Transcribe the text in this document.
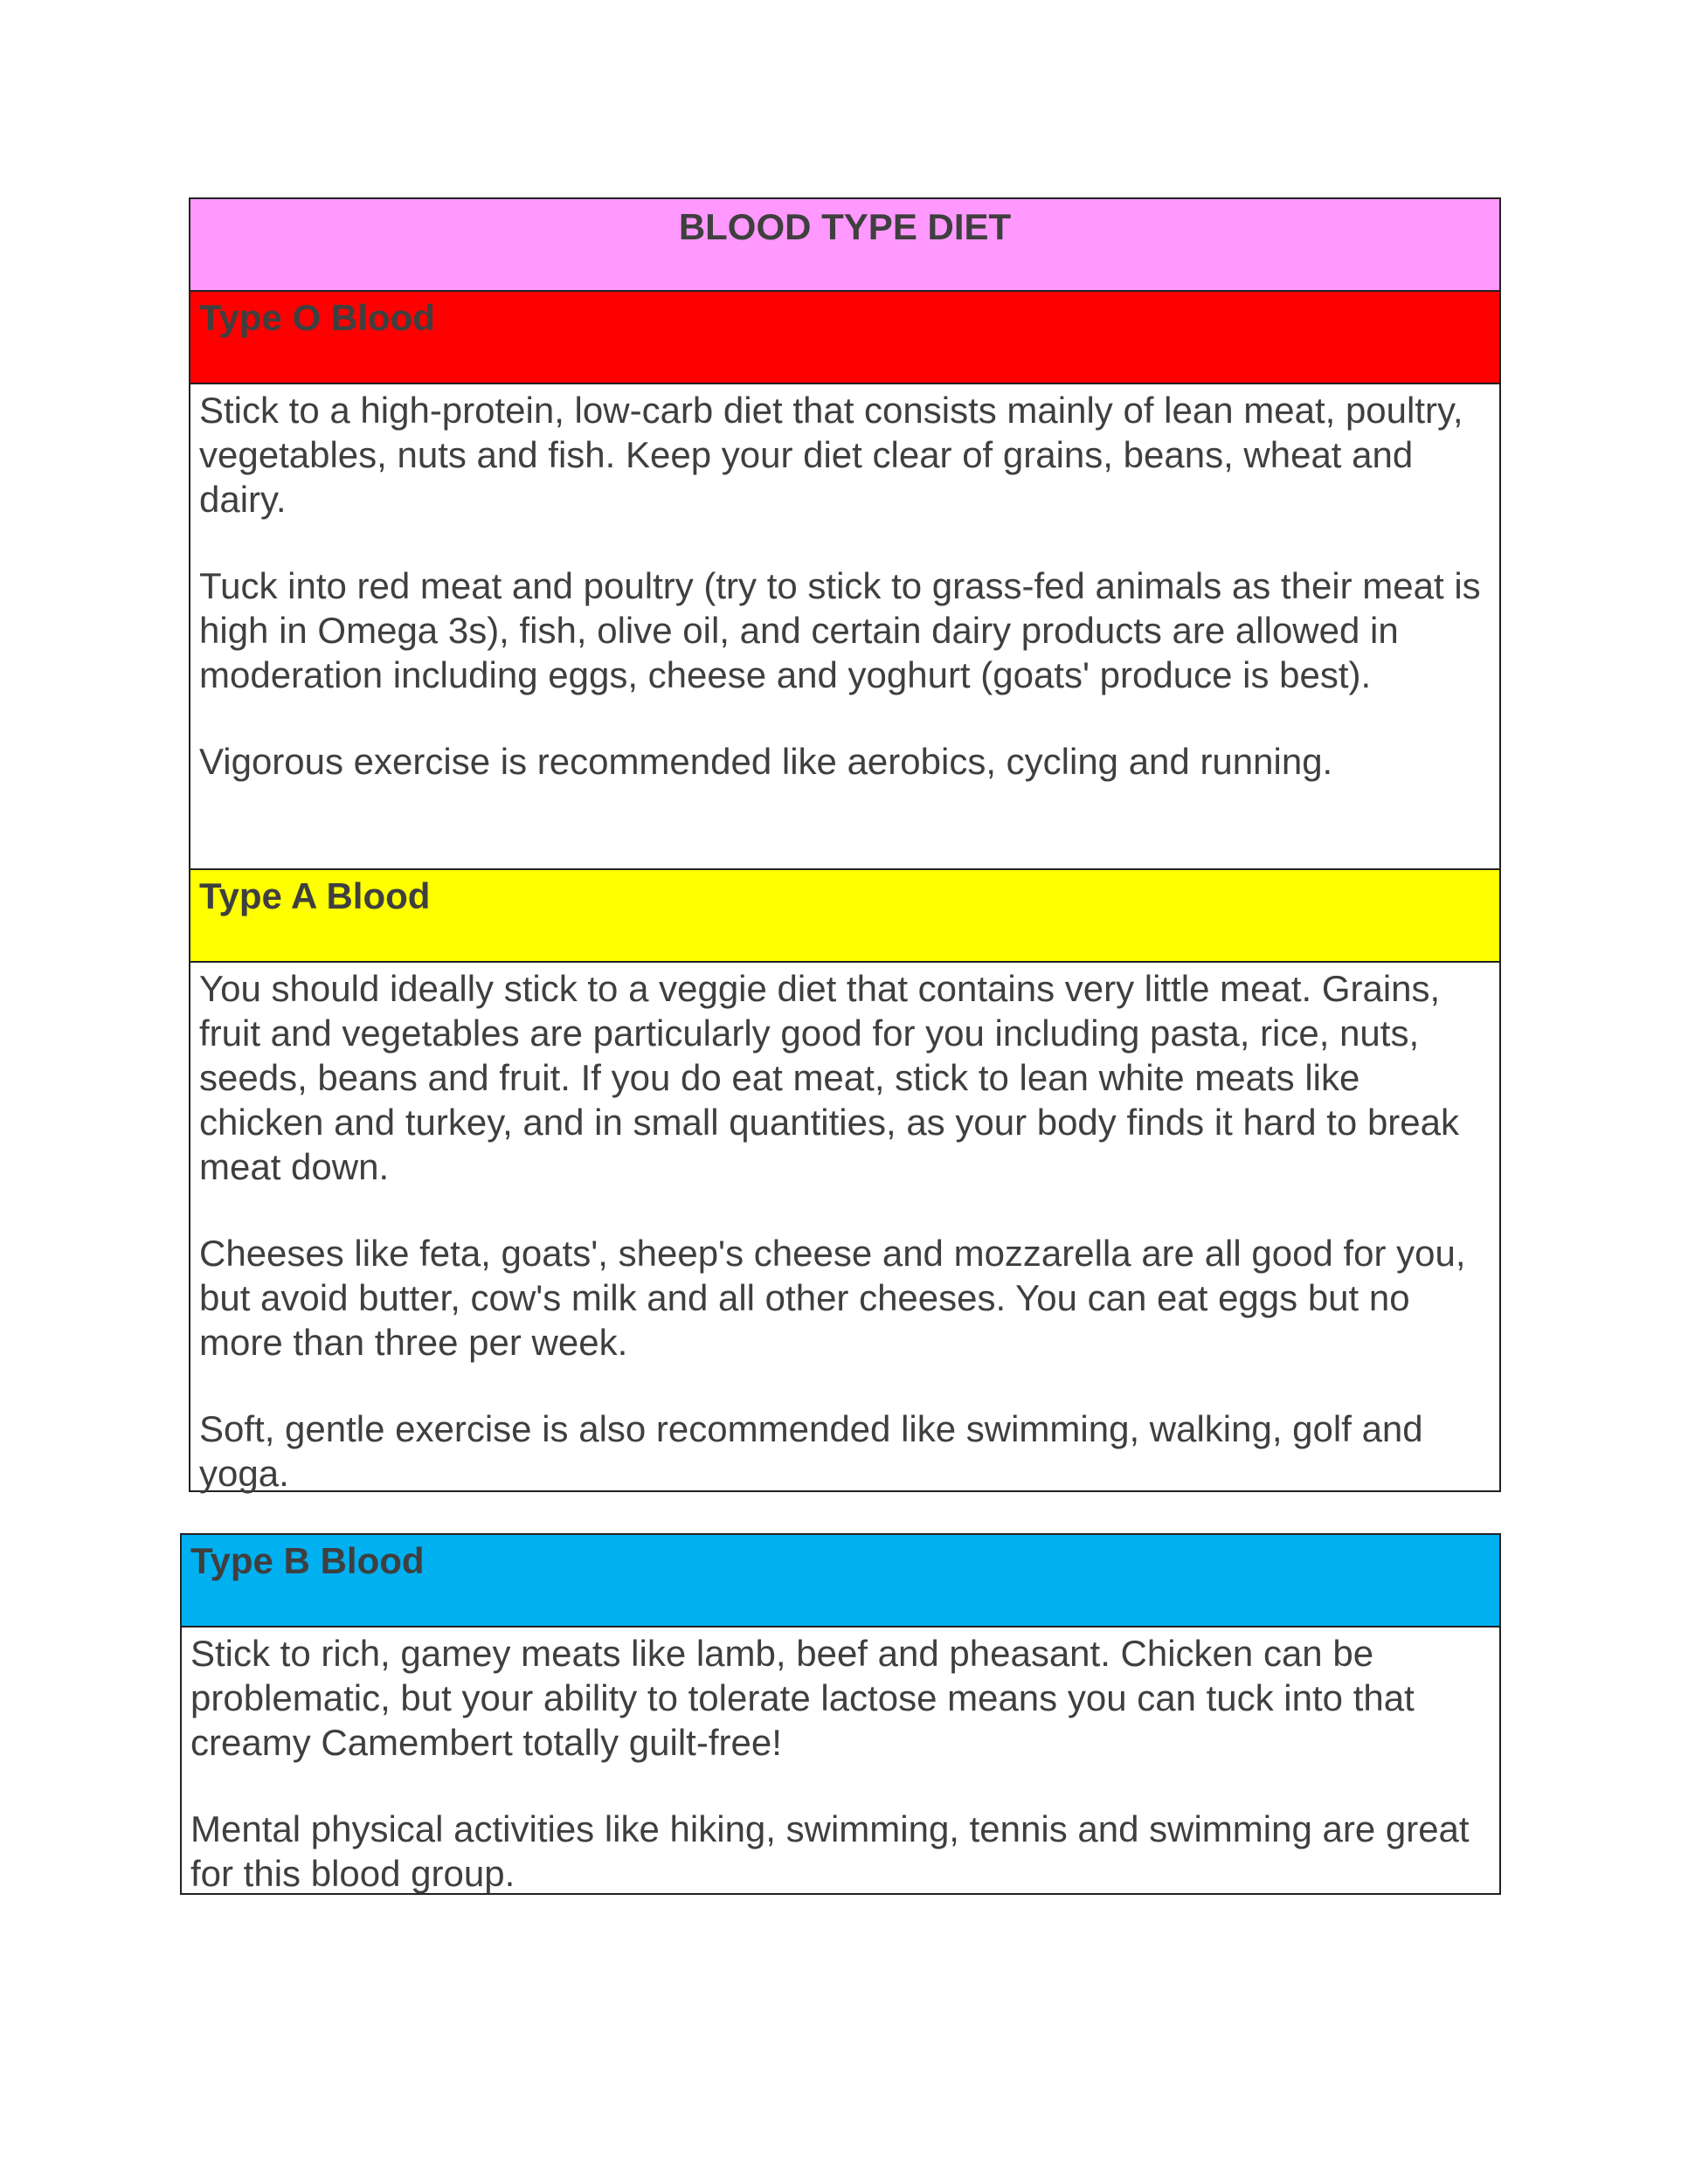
BLOOD TYPE DIET
Type O Blood

Stick to a high-protein, low-carb diet that consists mainly of lean meat, poultry, vegetables, nuts and fish. Keep your diet clear of grains, beans, wheat and dairy.

Tuck into red meat and poultry (try to stick to grass-fed animals as their meat is high in Omega 3s), fish, olive oil, and certain dairy products are allowed in moderation including eggs, cheese and yoghurt (goats' produce is best).

Vigorous exercise is recommended like aerobics, cycling and running.

Type A Blood

You should ideally stick to a veggie diet that contains very little meat. Grains, fruit and vegetables are particularly good for you including pasta, rice, nuts, seeds, beans and fruit. If you do eat meat, stick to lean white meats like chicken and turkey, and in small quantities, as your body finds it hard to break meat down.

Cheeses like feta, goats', sheep's cheese and mozzarella are all good for you, but avoid butter, cow's milk and all other cheeses. You can eat eggs but no more than three per week.

Soft, gentle exercise is also recommended like swimming, walking, golf and yoga.

Type B Blood

Stick to rich, gamey meats like lamb, beef and pheasant. Chicken can be problematic, but your ability to tolerate lactose means you can tuck into that creamy Camembert totally guilt-free!

Mental physical activities like hiking, swimming, tennis and swimming are great for this blood group.
